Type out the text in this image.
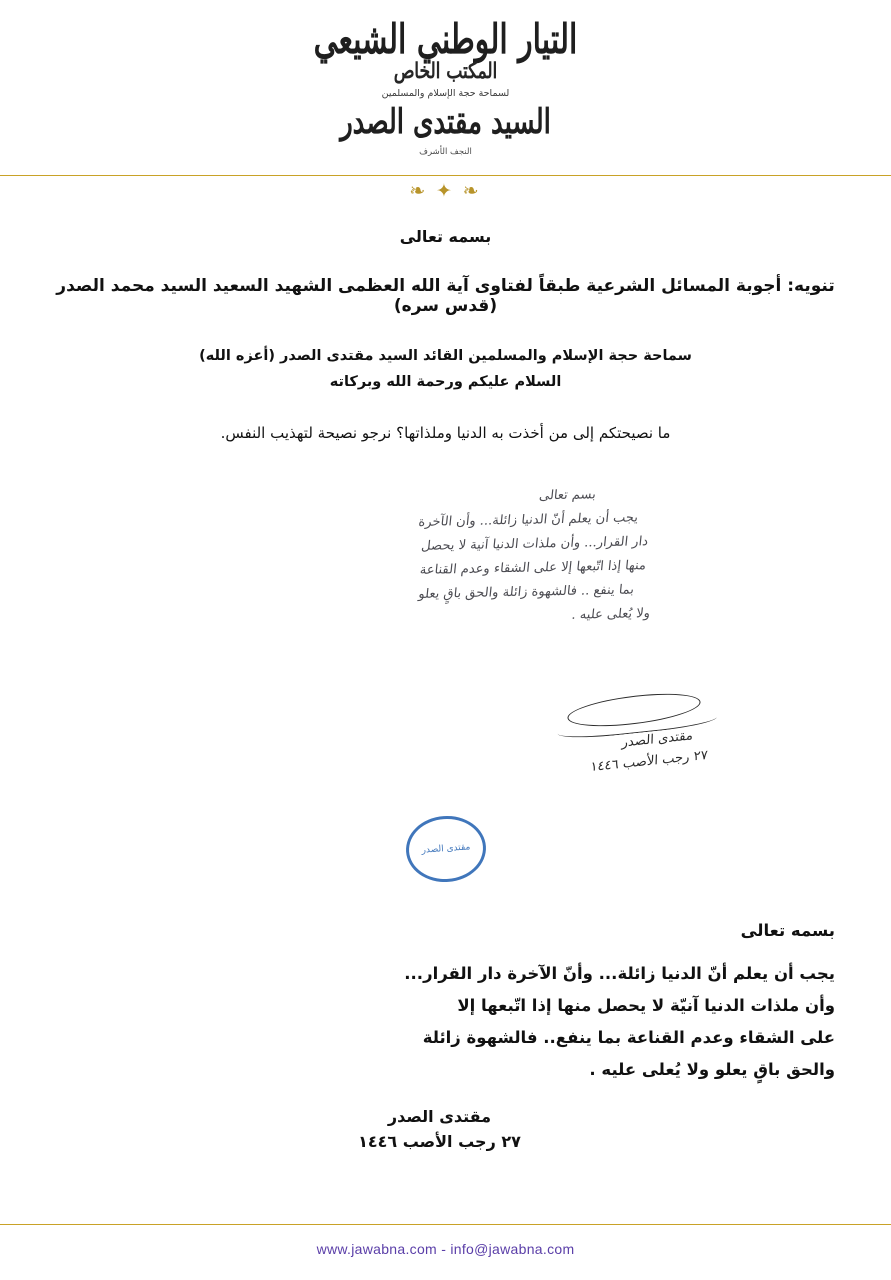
التيار الوطني الشيعي
المكتب الخاص
لسماحة حجة الإسلام والمسلمين
السيد مقتدى الصدر
النجف الأشرف
❧ ✦ ❧
بسمه تعالى
تنويه: أجوبة المسائل الشرعية طبقاً لفتاوى آية الله العظمى الشهيد السعيد السيد محمد الصدر (قدس سره)
سماحة حجة الإسلام والمسلمين القائد السيد مقتدى الصدر (أعزه الله)
السلام عليكم ورحمة الله وبركاته
ما نصيحتكم إلى من أخذت به الدنيا وملذاتها؟ نرجو نصيحة لتهذيب النفس.
بسم تعالى
يجب أن يعلم أنّ الدنيا زائلة... وأن الآخرة
دار القرار... وأن ملذات الدنيا آنية لا يحصل
منها إذا اتّبعها إلا على الشقاء وعدم القناعة
بما ينفع .. فالشهوة زائلة والحق باقٍ يعلو
ولا يُعلى عليه .
مقتدى الصدر
٢٧ رجب الأصب ١٤٤٦
مقتدى الصدر
بسمه تعالى
يجب أن يعلم أنّ الدنيا زائلة... وأنّ الآخرة دار القرار...
وأن ملذات الدنيا آنيّة لا يحصل منها إذا اتّبعها إلا
على الشقاء وعدم القناعة بما ينفع.. فالشهوة زائلة
والحق باقٍ يعلو ولا يُعلى عليه .
مقتدى الصدر
٢٧ رجب الأصب ١٤٤٦
www.jawabna.com - info@jawabna.com
